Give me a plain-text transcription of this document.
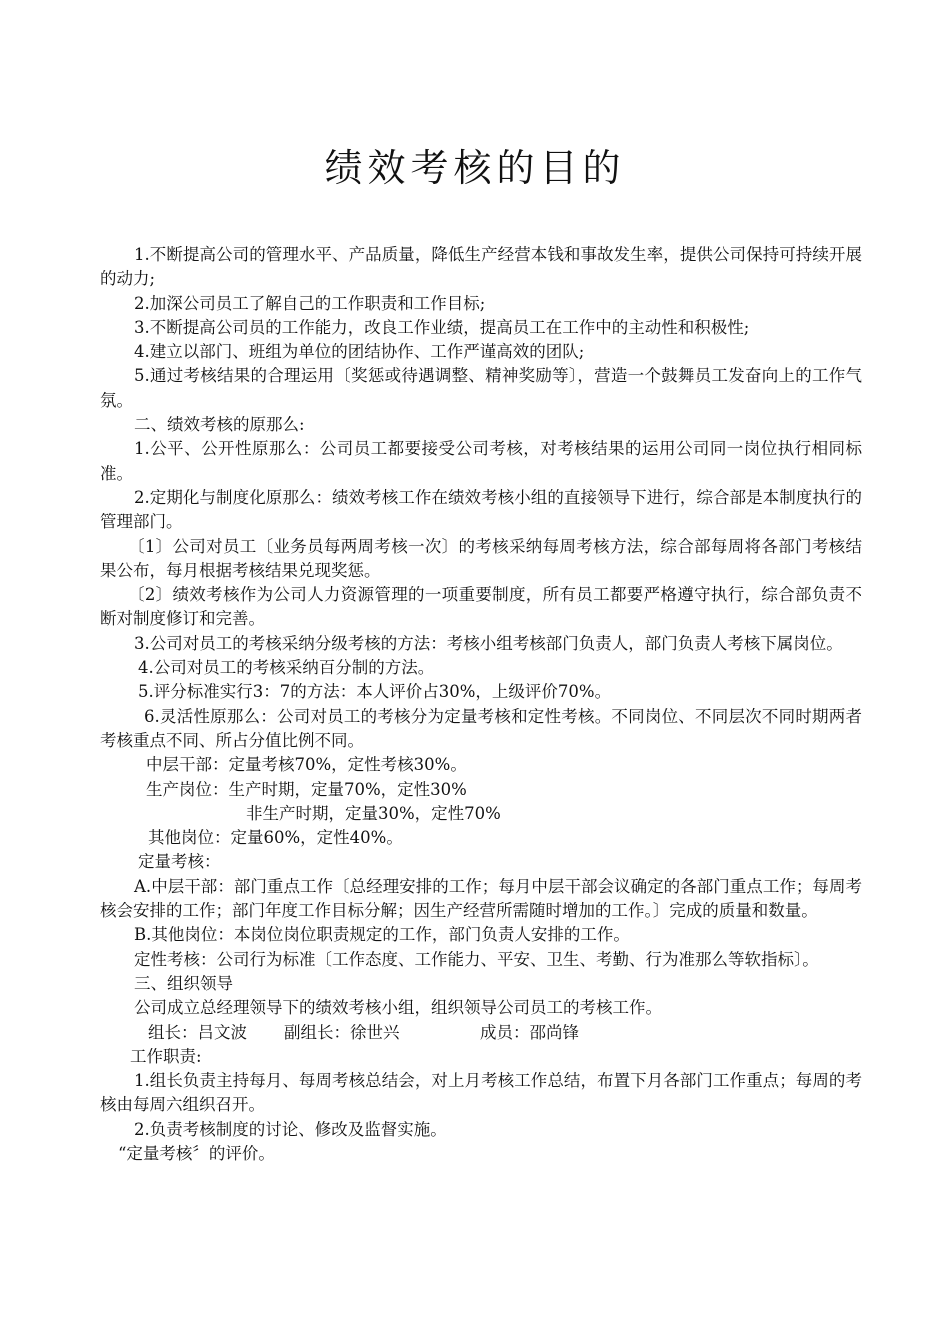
绩效考核的目的

1.不断提高公司的管理水平、产品质量，降低生产经营本钱和事故发生率，提供公司保持可持续开展的动力;

2.加深公司员工了解自己的工作职责和工作目标;

3.不断提高公司员的工作能力，改良工作业绩，提高员工在工作中的主动性和积极性;

4.建立以部门、班组为单位的团结协作、工作严谨高效的团队;

5.通过考核结果的合理运用〔奖惩或待遇调整、精神奖励等〕，营造一个鼓舞员工发奋向上的工作气氛。

二、绩效考核的原那么:

1.公平、公开性原那么：公司员工都要接受公司考核，对考核结果的运用公司同一岗位执行相同标准。

2.定期化与制度化原那么：绩效考核工作在绩效考核小组的直接领导下进行，综合部是本制度执行的管理部门。

〔1〕公司对员工〔业务员每两周考核一次〕的考核采纳每周考核方法，综合部每周将各部门考核结果公布，每月根据考核结果兑现奖惩。

〔2〕绩效考核作为公司人力资源管理的一项重要制度，所有员工都要严格遵守执行，综合部负责不断对制度修订和完善。

3.公司对员工的考核采纳分级考核的方法：考核小组考核部门负责人，部门负责人考核下属岗位。

4.公司对员工的考核采纳百分制的方法。

5.评分标准实行3：7的方法：本人评价占30%，上级评价70%。

6.灵活性原那么：公司对员工的考核分为定量考核和定性考核。不同岗位、不同层次不同时期两者考核重点不同、所占分值比例不同。

中层干部：定量考核70%，定性考核30%。
生产岗位：生产时期，定量70%，定性30%
非生产时期，定量30%，定性70%
其他岗位：定量60%，定性40%。
定量考核：

A.中层干部：部门重点工作〔总经理安排的工作；每月中层干部会议确定的各部门重点工作；每周考核会安排的工作；部门年度工作目标分解；因生产经营所需随时增加的工作。〕完成的质量和数量。

B.其他岗位：本岗位岗位职责规定的工作，部门负责人安排的工作。

定性考核：公司行为标准〔工作态度、工作能力、平安、卫生、考勤、行为准那么等软指标〕。

三、组织领导

公司成立总经理领导下的绩效考核小组，组织领导公司员工的考核工作。

组长：吕文波	副组长：徐世兴	成员：邵尚锋
工作职责:

1.组长负责主持每月、每周考核总结会，对上月考核工作总结，布置下月各部门工作重点；每周的考核由每周六组织召开。

2.负责考核制度的讨论、修改及监督实施。

“定量考核〞的评价。
